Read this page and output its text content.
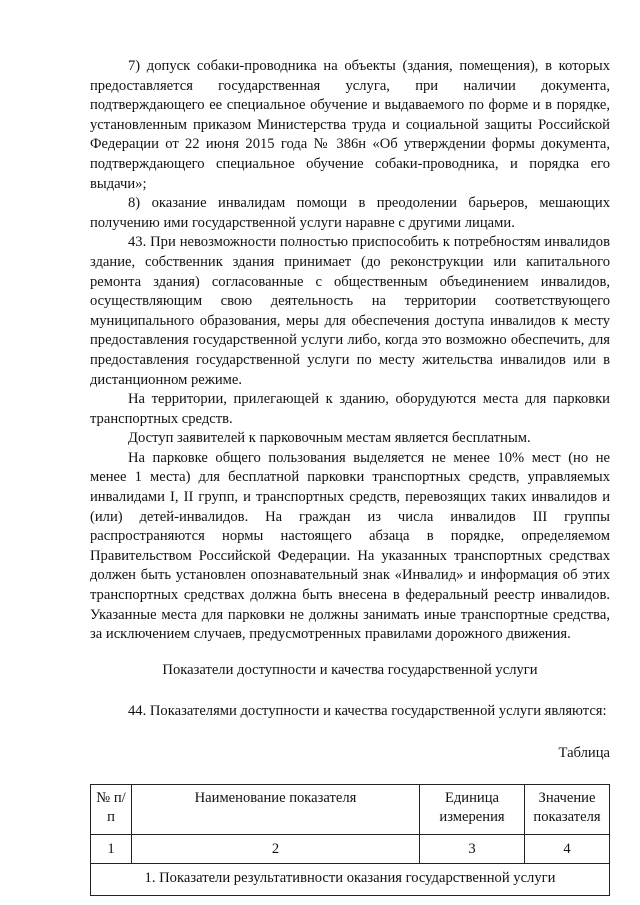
7) допуск собаки-проводника на объекты (здания, помещения), в которых предоставляется государственная услуга, при наличии документа, подтверждающего ее специальное обучение и выдаваемого по форме и в порядке, установленным приказом Министерства труда и социальной защиты Российской Федерации от 22 июня 2015 года № 386н «Об утверждении формы документа, подтверждающего специальное обучение собаки-проводника, и порядка его выдачи»;

8) оказание инвалидам помощи в преодолении барьеров, мешающих получению ими государственной услуги наравне с другими лицами.

43. При невозможности полностью приспособить к потребностям инвалидов здание, собственник здания принимает (до реконструкции или капитального ремонта здания) согласованные с общественным объединением инвалидов, осуществляющим свою деятельность на территории соответствующего муниципального образования, меры для обеспечения доступа инвалидов к месту предоставления государственной услуги либо, когда это возможно обеспечить, для предоставления государственной услуги по месту жительства инвалидов или в дистанционном режиме.

На территории, прилегающей к зданию, оборудуются места для парковки транспортных средств.

Доступ заявителей к парковочным местам является бесплатным.

На парковке общего пользования выделяется не менее 10% мест (но не менее 1 места) для бесплатной парковки транспортных средств, управляемых инвалидами I, II групп, и транспортных средств, перевозящих таких инвалидов и (или) детей-инвалидов. На граждан из числа инвалидов III группы распространяются нормы настоящего абзаца в порядке, определяемом Правительством Российской Федерации. На указанных транспортных средствах должен быть установлен опознавательный знак «Инвалид» и информация об этих транспортных средствах должна быть внесена в федеральный реестр инвалидов. Указанные места для парковки не должны занимать иные транспортные средства, за исключением случаев, предусмотренных правилами дорожного движения.

Показатели доступности и качества государственной услуги

44. Показателями доступности и качества государственной услуги являются:

Таблица

№ п/п	Наименование показателя	Единица измерения	Значение показателя
1	2	3	4
1. Показатели результативности оказания государственной услуги			
